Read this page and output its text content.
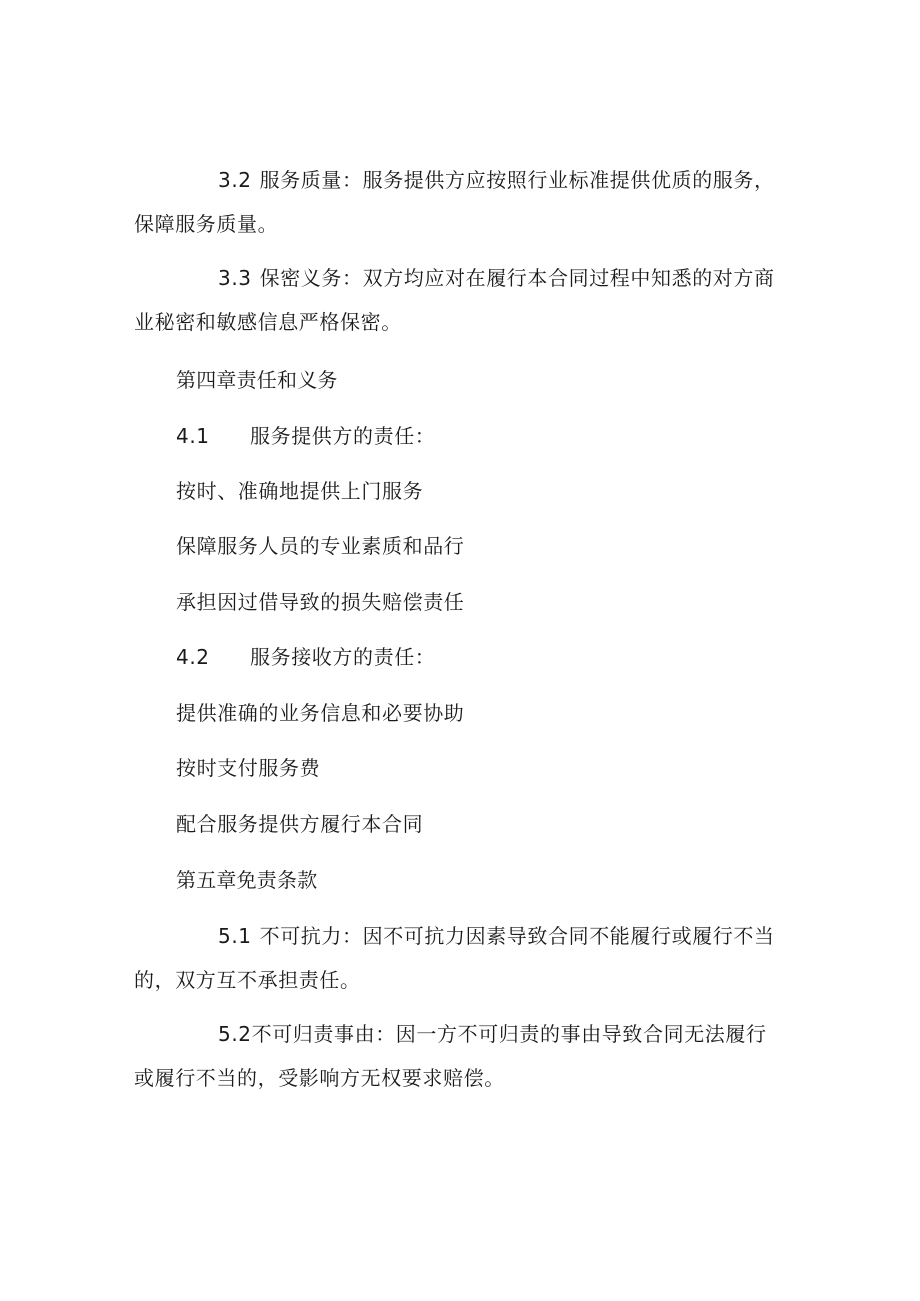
3.2 服务质量：服务提供方应按照行业标准提供优质的服务，保障服务质量。

3.3 保密义务：双方均应对在履行本合同过程中知悉的对方商业秘密和敏感信息严格保密。

第四章责任和义务

4.1 服务提供方的责任：

按时、准确地提供上门服务

保障服务人员的专业素质和品行

承担因过借导致的损失赔偿责任

4.2 服务接收方的责任：

提供准确的业务信息和必要协助

按时支付服务费

配合服务提供方履行本合同

第五章免责条款

5.1 不可抗力：因不可抗力因素导致合同不能履行或履行不当的，双方互不承担责任。

5.2不可归责事由：因一方不可归责的事由导致合同无法履行或履行不当的，受影响方无权要求赔偿。
